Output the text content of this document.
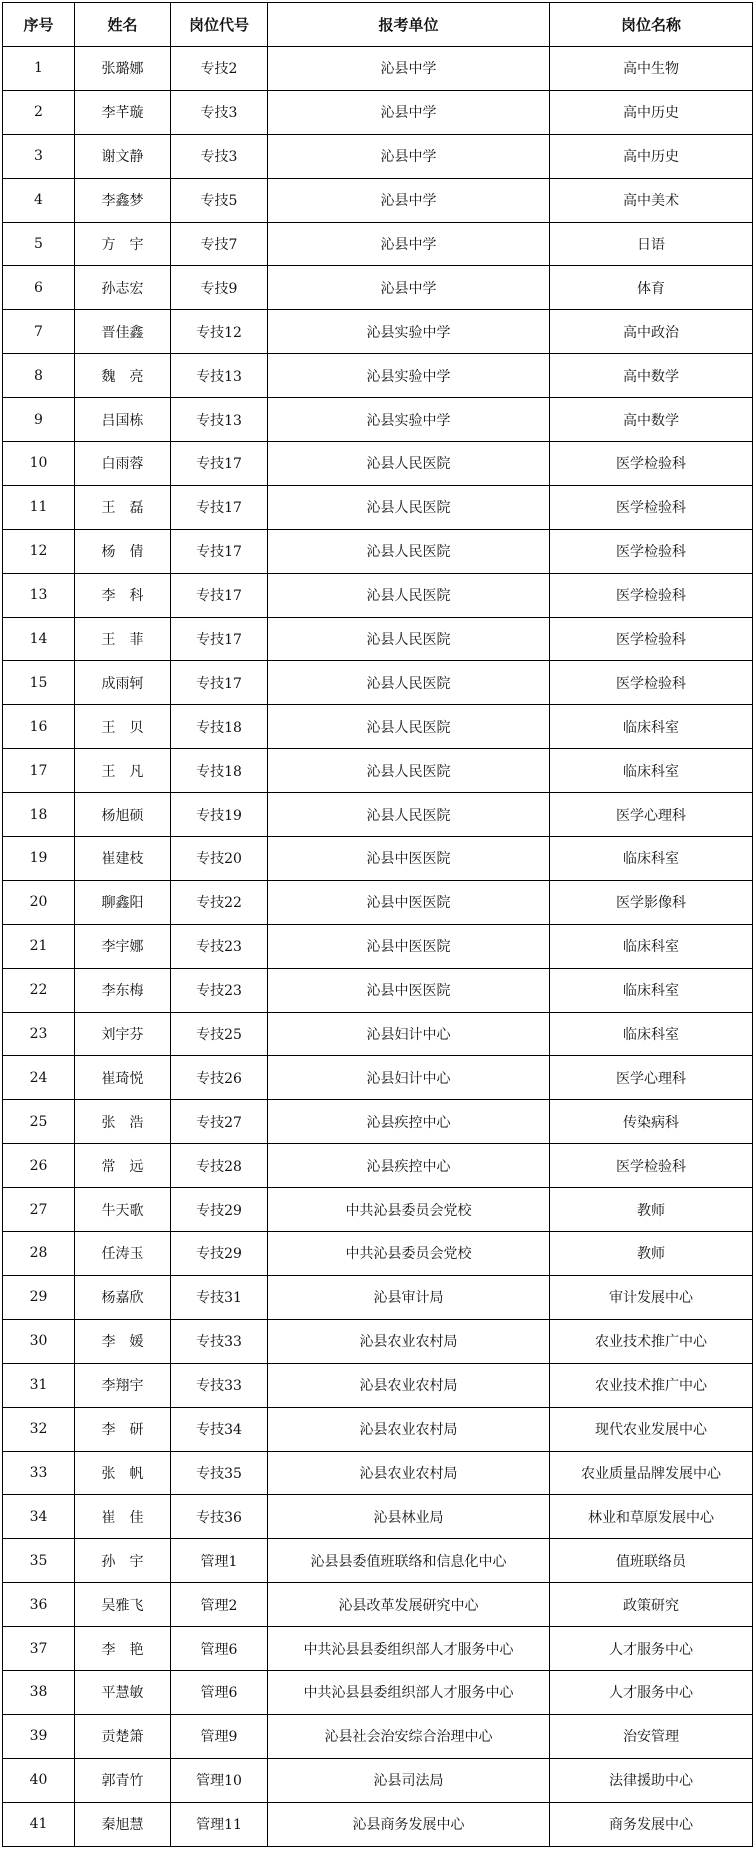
序号	姓名	岗位代号	报考单位	岗位名称
1	张璐娜	专技2	沁县中学	高中生物
2	李芊璇	专技3	沁县中学	高中历史
3	谢文静	专技3	沁县中学	高中历史
4	李鑫梦	专技5	沁县中学	高中美术
5	方　宇	专技7	沁县中学	日语
6	孙志宏	专技9	沁县中学	体育
7	晋佳鑫	专技12	沁县实验中学	高中政治
8	魏　亮	专技13	沁县实验中学	高中数学
9	吕国栋	专技13	沁县实验中学	高中数学
10	白雨蓉	专技17	沁县人民医院	医学检验科
11	王　磊	专技17	沁县人民医院	医学检验科
12	杨　倩	专技17	沁县人民医院	医学检验科
13	李　科	专技17	沁县人民医院	医学检验科
14	王　菲	专技17	沁县人民医院	医学检验科
15	成雨轲	专技17	沁县人民医院	医学检验科
16	王　贝	专技18	沁县人民医院	临床科室
17	王　凡	专技18	沁县人民医院	临床科室
18	杨旭硕	专技19	沁县人民医院	医学心理科
19	崔建枝	专技20	沁县中医医院	临床科室
20	聊鑫阳	专技22	沁县中医医院	医学影像科
21	李宇娜	专技23	沁县中医医院	临床科室
22	李东梅	专技23	沁县中医医院	临床科室
23	刘宇芬	专技25	沁县妇计中心	临床科室
24	崔琦悦	专技26	沁县妇计中心	医学心理科
25	张　浩	专技27	沁县疾控中心	传染病科
26	常　远	专技28	沁县疾控中心	医学检验科
27	牛天歌	专技29	中共沁县委员会党校	教师
28	任涛玉	专技29	中共沁县委员会党校	教师
29	杨嘉欣	专技31	沁县审计局	审计发展中心
30	李　媛	专技33	沁县农业农村局	农业技术推广中心
31	李翔宇	专技33	沁县农业农村局	农业技术推广中心
32	李　研	专技34	沁县农业农村局	现代农业发展中心
33	张　帆	专技35	沁县农业农村局	农业质量品牌发展中心
34	崔　佳	专技36	沁县林业局	林业和草原发展中心
35	孙　宇	管理1	沁县县委值班联络和信息化中心	值班联络员
36	吴雅飞	管理2	沁县改革发展研究中心	政策研究
37	李　艳	管理6	中共沁县县委组织部人才服务中心	人才服务中心
38	平慧敏	管理6	中共沁县县委组织部人才服务中心	人才服务中心
39	贡楚箫	管理9	沁县社会治安综合治理中心	治安管理
40	郭青竹	管理10	沁县司法局	法律援助中心
41	秦旭慧	管理11	沁县商务发展中心	商务发展中心
